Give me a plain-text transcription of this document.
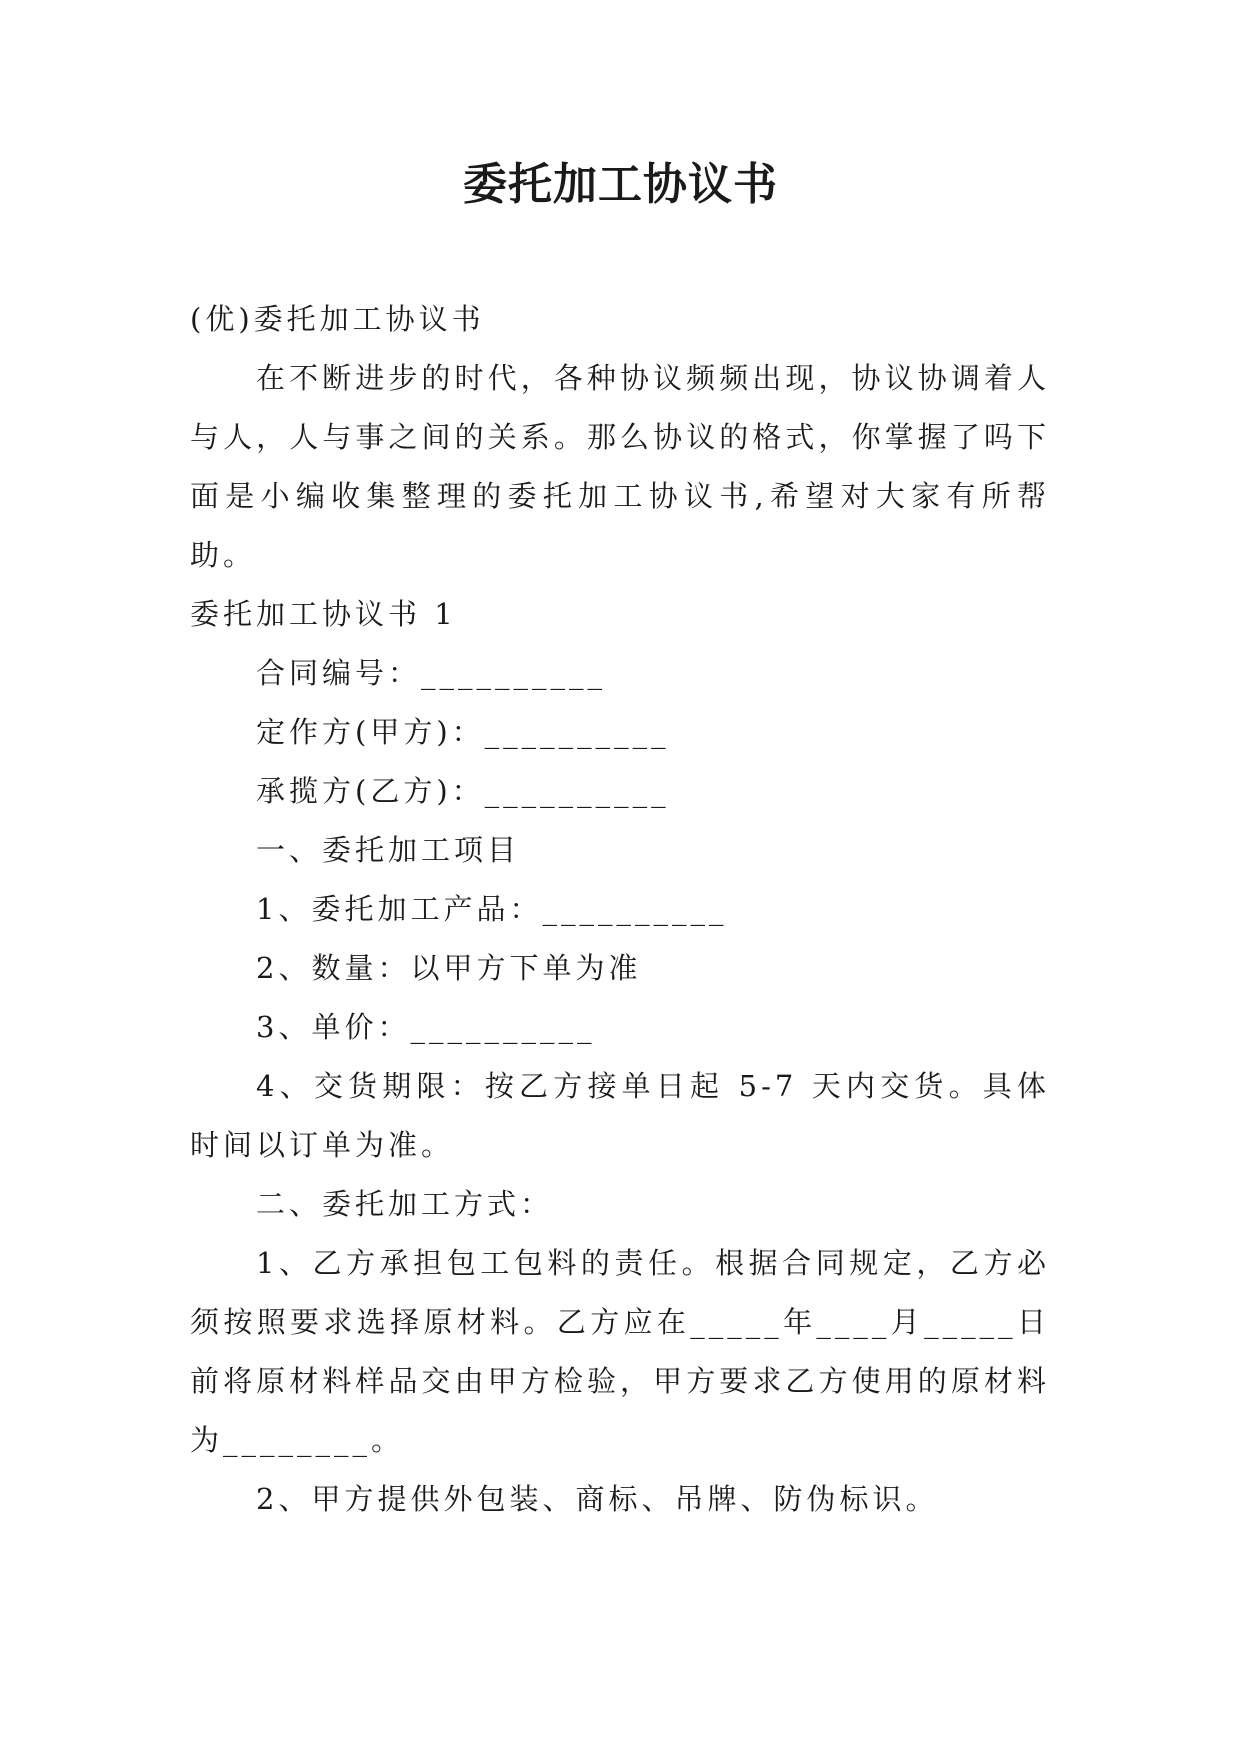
委托加工协议书

(优)委托加工协议书

在不断进步的时代，各种协议频频出现，协议协调着人与人，人与事之间的关系。那么协议的格式，你掌握了吗下面是小编收集整理的委托加工协议书,希望对大家有所帮助。

委托加工协议书 1

合同编号：__________

定作方(甲方)：__________

承揽方(乙方)：__________

一、委托加工项目

1、委托加工产品：__________

2、数量：以甲方下单为准

3、单价：__________

4、交货期限：按乙方接单日起 5-7 天内交货。具体时间以订单为准。

二、委托加工方式：

1、乙方承担包工包料的责任。根据合同规定，乙方必须按照要求选择原材料。乙方应在_____年____月_____日前将原材料样品交由甲方检验，甲方要求乙方使用的原材料为________。

2、甲方提供外包装、商标、吊牌、防伪标识。
